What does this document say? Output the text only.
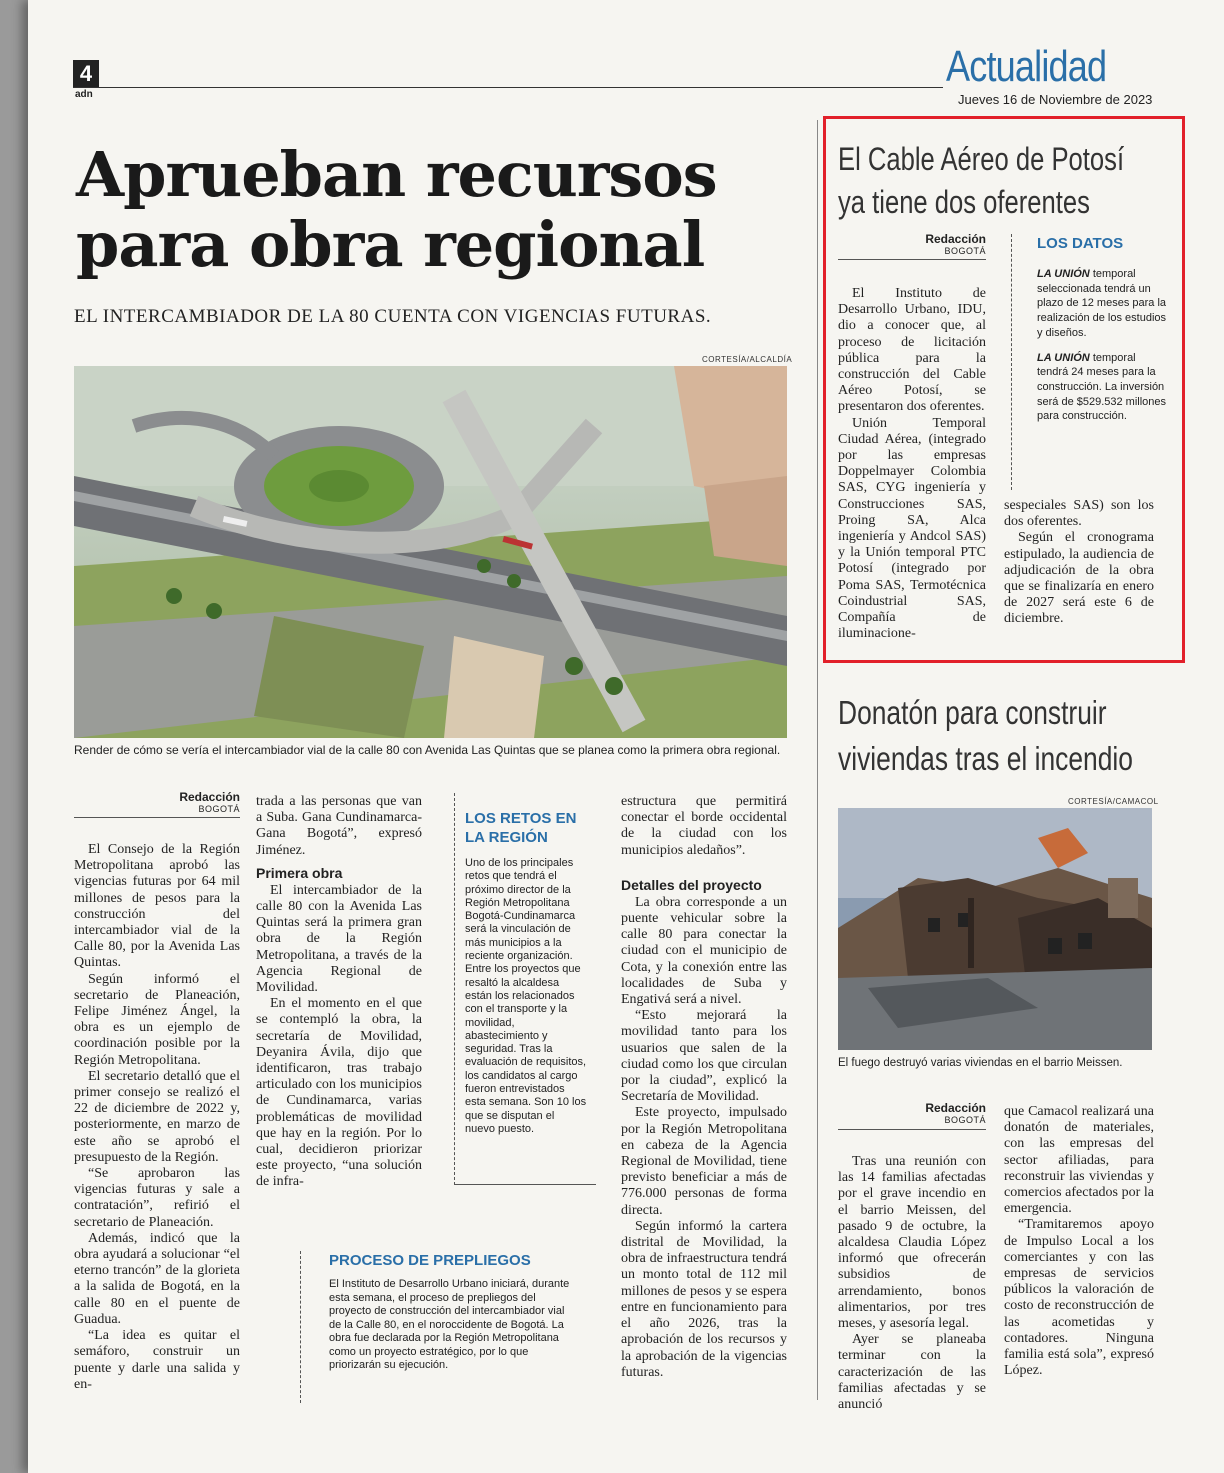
4
adn
Actualidad
Jueves 16 de Noviembre de 2023
Aprueban recursos
para obra regional
EL INTERCAMBIADOR DE LA 80 CUENTA CON VIGENCIAS FUTURAS.
CORTESÍA/ALCALDÍA
Render de cómo se vería el intercambiador vial de la calle 80 con Avenida Las Quintas que se planea como la primera obra regional.
Redacción
BOGOTÁ

El Consejo de la Región Metropolitana aprobó las vigencias futuras por 64 mil millones de pesos para la construcción del intercambiador vial de la Calle 80, por la Avenida Las Quintas.

Según informó el secretario de Planeación, Felipe Jiménez Ángel, la obra es un ejemplo de coordinación posible por la Región Metropolitana.

El secretario detalló que el primer consejo se realizó el 22 de diciembre de 2022 y, posteriormente, en marzo de este año se aprobó el presupuesto de la Región.

“Se aprobaron las vigencias futuras y sale a contratación”, refirió el secretario de Planeación.

Además, indicó que la obra ayudará a solucionar “el eterno trancón” de la glorieta a la salida de Bogotá, en la calle 80 en el puente de Guadua.

“La idea es quitar el semáforo, construir un puente y darle una salida y en-

trada a las personas que van a Suba. Gana Cundinamarca-Gana Bogotá”, expresó Jiménez.
Primera obra

El intercambiador de la calle 80 con la Avenida Las Quintas será la primera gran obra de la Región Metropolitana, a través de la Agencia Regional de Movilidad.

En el momento en el que se contempló la obra, la secretaría de Movilidad, Deyanira Ávila, dijo que identificaron, tras trabajo articulado con los municipios de Cundinamarca, varias problemáticas de movilidad que hay en la región. Por lo cual, decidieron priorizar este proyecto, “una solución de infra-

LOS RETOS EN LA REGIÓN
Uno de los principales retos que tendrá el próximo director de la Región Metropolitana Bogotá-Cundinamarca será la vinculación de más municipios a la reciente organización. Entre los proyectos que resaltó la alcaldesa están los relacionados con el transporte y la movilidad, abastecimiento y seguridad. Tras la evaluación de requisitos, los candidatos al cargo fueron entrevistados esta semana. Son 10 los que se disputan el nuevo puesto.
estructura que permitirá conectar el borde occidental de la ciudad con los municipios aledaños”.
Detalles del proyecto

La obra corresponde a un puente vehicular sobre la calle 80 para conectar la ciudad con el municipio de Cota, y la conexión entre las localidades de Suba y Engativá será a nivel.

“Esto mejorará la movilidad tanto para los usuarios que salen de la ciudad como los que circulan por la ciudad”, explicó la Secretaría de Movilidad.

Este proyecto, impulsado por la Región Metropolitana en cabeza de la Agencia Regional de Movilidad, tiene previsto beneficiar a más de 776.000 personas de forma directa.

Según informó la cartera distrital de Movilidad, la obra de infraestructura tendrá un monto total de 112 mil millones de pesos y se espera entre en funcionamiento para el año 2026, tras la aprobación de los recursos y la aprobación de la vigencias futuras.

PROCESO DE PREPLIEGOS
El Instituto de Desarrollo Urbano iniciará, durante esta semana, el proceso de prepliegos del proyecto de construcción del intercambiador vial de la Calle 80, en el noroccidente de Bogotá. La obra fue declarada por la Región Metropolitana como un proyecto estratégico, por lo que priorizarán su ejecución.
El Cable Aéreo de Potosí
ya tiene dos oferentes
Redacción
BOGOTÁ

El Instituto de Desarrollo Urbano, IDU, dio a conocer que, al proceso de licitación pública para la construcción del Cable Aéreo Potosí, se presentaron dos oferentes.

Unión Temporal Ciudad Aérea, (integrado por las empresas Doppelmayer Colombia SAS, CYG ingeniería y Construcciones SAS, Proing SA, Alca ingeniería y Andcol SAS) y la Unión temporal PTC Potosí (integrado por Poma SAS, Termotécnica Coindustrial SAS, Compañía de iluminacione-

LOS DATOS
LA UNIÓN temporal seleccionada tendrá un plazo de 12 meses para la realización de los estudios y diseños.
LA UNIÓN temporal tendrá 24 meses para la construcción. La inversión será de $529.532 millones para construcción.
sespeciales SAS) son los dos oferentes.

Según el cronograma estipulado, la audiencia de adjudicación de la obra que se finalizaría en enero de 2027 será este 6 de diciembre.

Donatón para construir
viviendas tras el incendio
CORTESÍA/CAMACOL
El fuego destruyó varias viviendas en el barrio Meissen.
Redacción
BOGOTÁ

Tras una reunión con las 14 familias afectadas por el grave incendio en el barrio Meissen, del pasado 9 de octubre, la alcaldesa Claudia López informó que ofrecerán subsidios de arrendamiento, bonos alimentarios, por tres meses, y asesoría legal.

Ayer se planeaba terminar con la caracterización de las familias afectadas y se anunció

que Camacol realizará una donatón de materiales, con las empresas del sector afiliadas, para reconstruir las viviendas y comercios afectados por la emergencia.

“Tramitaremos apoyo de Impulso Local a los comerciantes y con las empresas de servicios públicos la valoración de costo de reconstrucción de las acometidas y contadores. Ninguna familia está sola”, expresó López.
